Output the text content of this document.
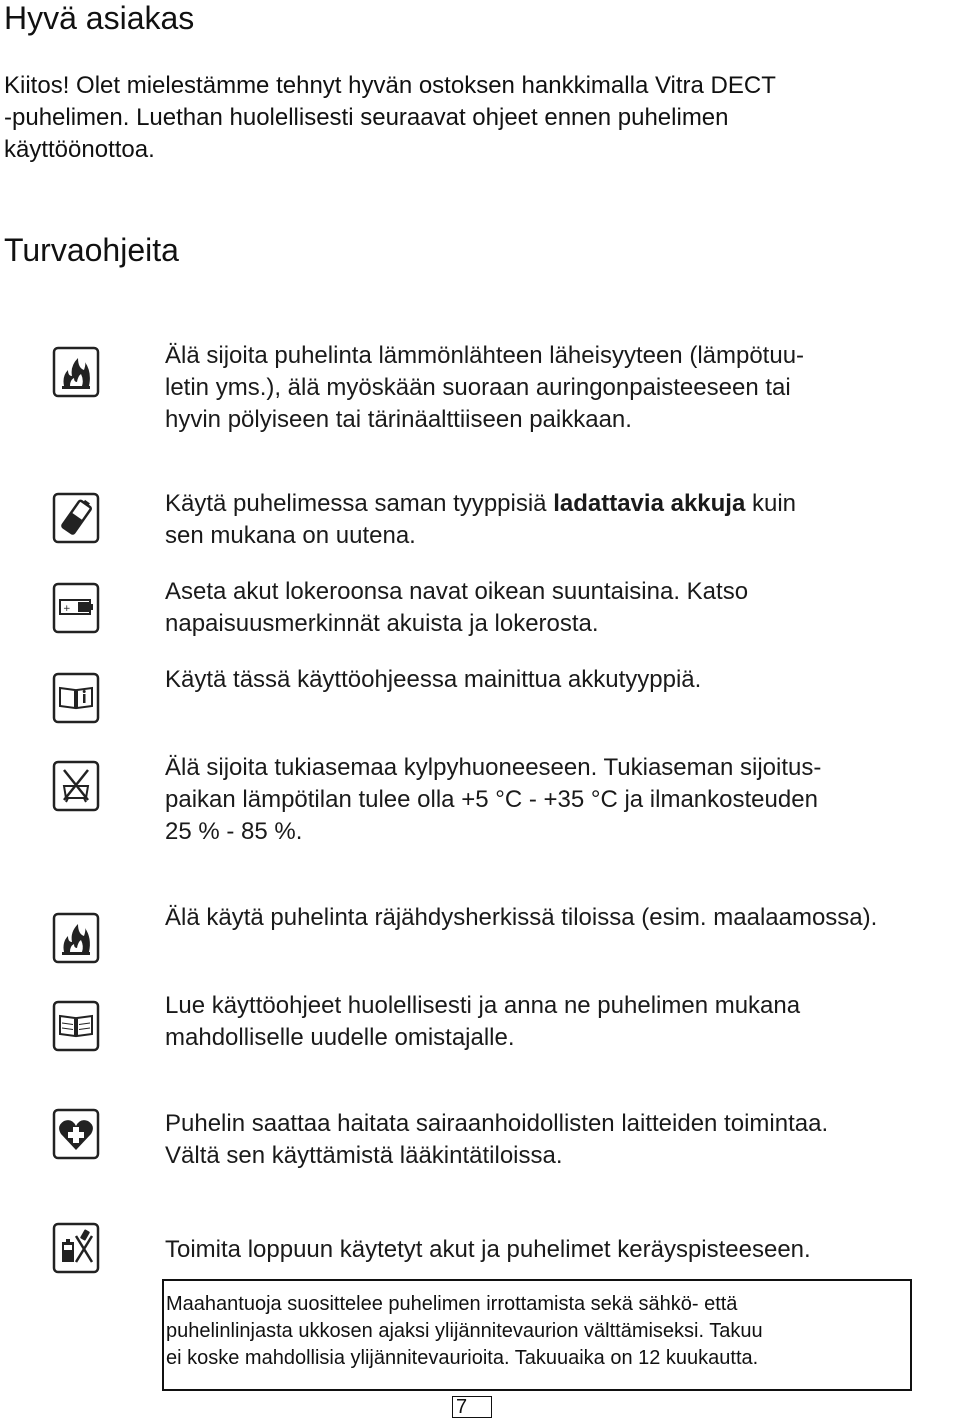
Hyvä asiakas
Kiitos! Olet mielestämme tehnyt hyvän ostoksen hankkimalla Vitra DECT
-puhelimen. Luethan huolellisesti seuraavat ohjeet ennen puhelimen
käyttöönottoa.
Turvaohjeita
Älä sijoita puhelinta lämmönlähteen läheisyyteen (lämpötuu-
letin yms.), älä myöskään suoraan auringonpaisteeseen tai
hyvin pölyiseen tai tärinäalttiiseen paikkaan.
Käytä puhelimessa saman tyyppisiä ladattavia akkuja kuin
sen mukana on uutena.
+
Aseta akut lokeroonsa navat oikean suuntaisina. Katso
napaisuusmerkinnät akuista ja lokerosta.
Käytä tässä käyttöohjeessa mainittua akkutyyppiä.
Älä sijoita tukiasemaa kylpyhuoneeseen. Tukiaseman sijoitus-
paikan lämpötilan tulee olla +5 °C - +35 °C ja ilmankosteuden
25 % - 85 %.
Älä käytä puhelinta räjähdysherkissä tiloissa (esim. maalaamossa).
Lue käyttöohjeet huolellisesti ja anna ne puhelimen mukana
mahdolliselle uudelle omistajalle.
Puhelin saattaa haitata sairaanhoidollisten laitteiden toimintaa.
Vältä sen käyttämistä lääkintätiloissa.
Toimita loppuun käytetyt akut ja puhelimet keräyspisteeseen.
Maahantuoja suosittelee puhelimen irrottamista sekä sähkö- että
puhelinlinjasta ukkosen ajaksi ylijännitevaurion välttämiseksi. Takuu
ei koske mahdollisia ylijännitevaurioita. Takuuaika on 12 kuukautta.
7
